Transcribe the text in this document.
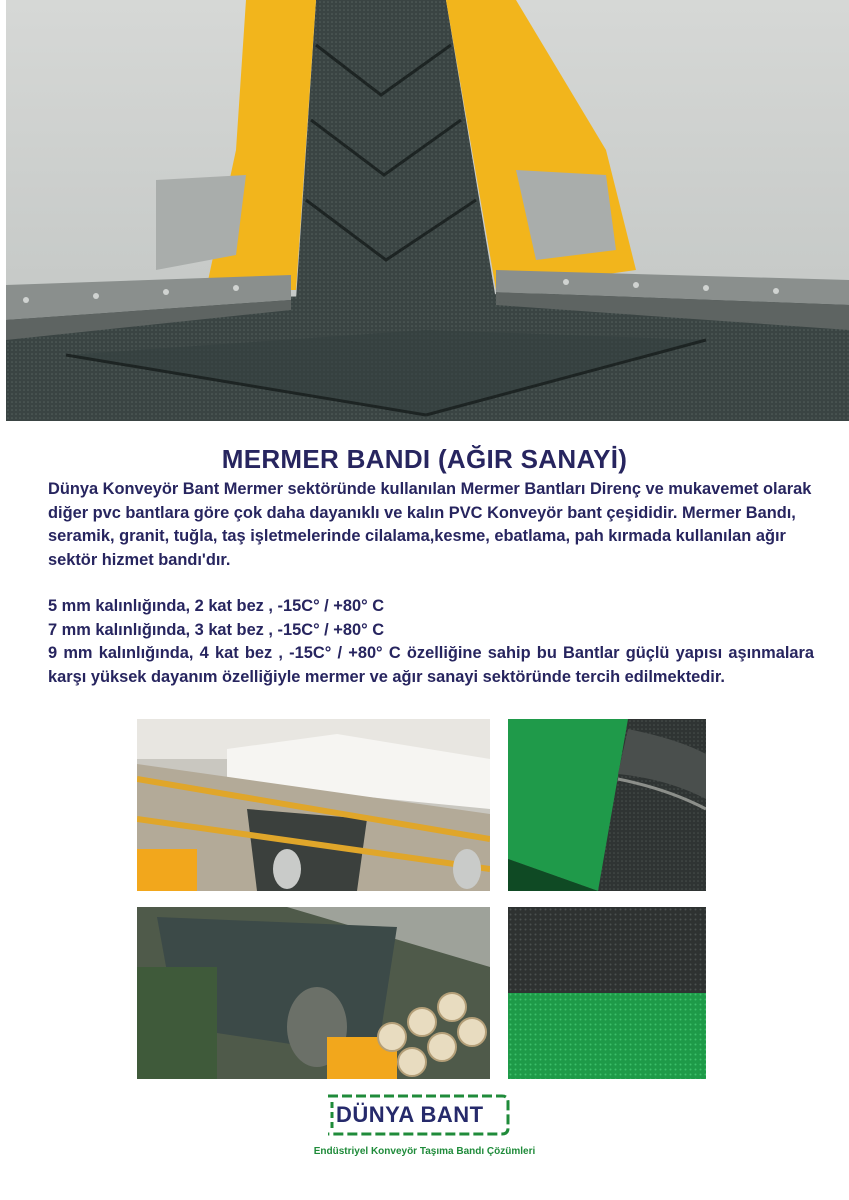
MERMER BANDI (AĞIR SANAYİ)

Dünya Konveyör Bant Mermer sektöründe kullanılan Mermer Bantları Direnç ve mukavemet olarak diğer pvc bantlara göre çok daha dayanıklı ve kalın PVC Konveyör bant çeşididir. Mermer Bandı, seramik, granit, tuğla, taş işletmelerinde cilalama,kesme, ebatlama, pah kırmada kullanılan ağır sektör hizmet bandı'dır.

5 mm kalınlığında, 2 kat bez , -15C° / +80° C
7 mm kalınlığında, 3 kat bez , -15C° / +80° C
9 mm kalınlığında, 4 kat bez , -15C° / +80° C özelliğine sahip bu Bantlar güçlü yapısı aşınmalara karşı yüksek dayanım özelliğiyle mermer ve ağır sanayi sektöründe tercih edilmektedir.

DÜNYA BANT
Endüstriyel Konveyör Taşıma Bandı Çözümleri
